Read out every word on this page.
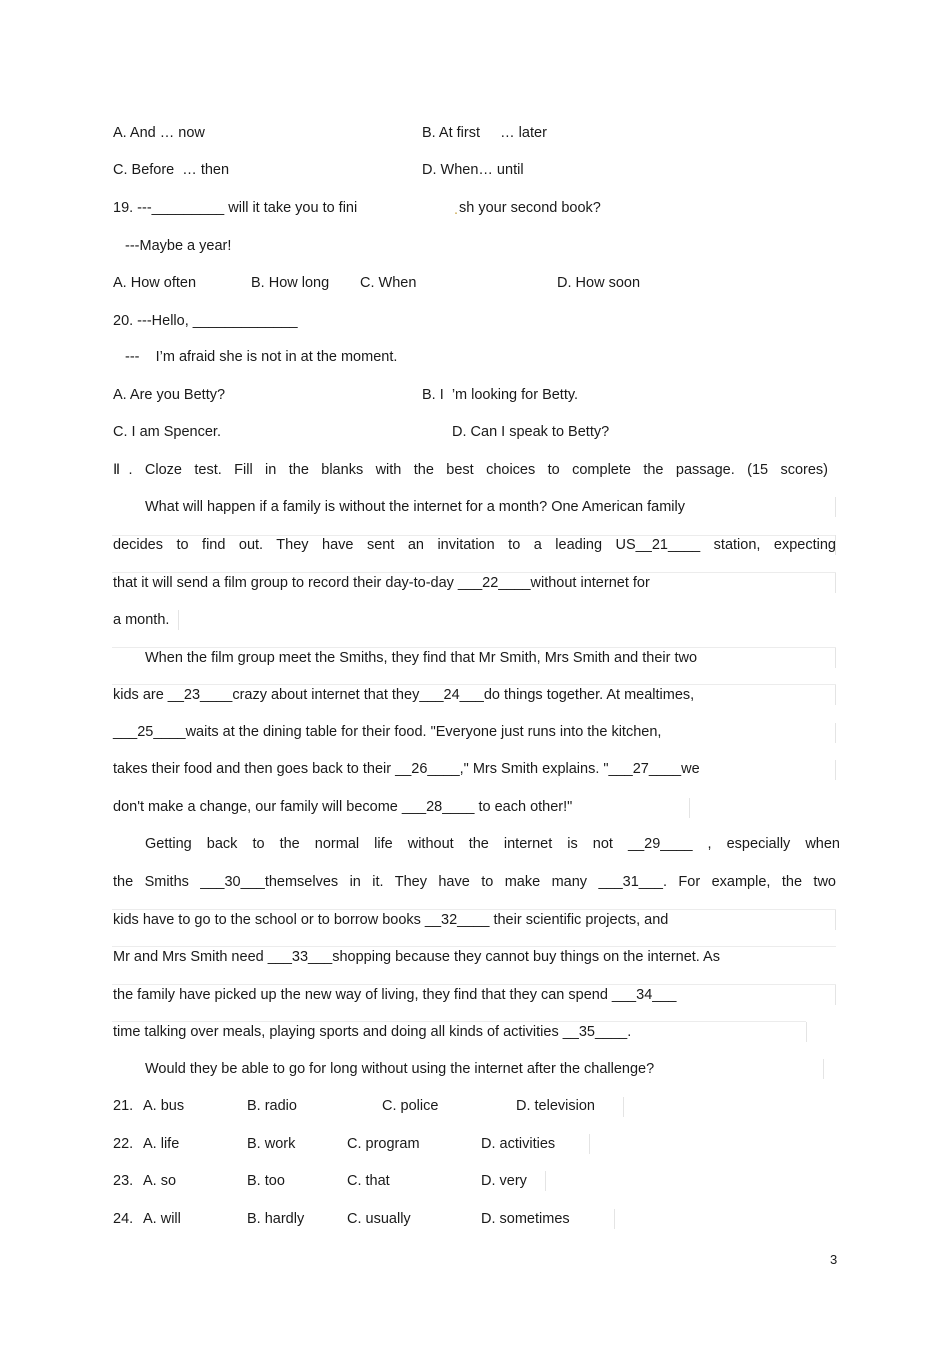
A. And … now	B. At first     … later
C. Before  … then	D. When… until
19. ---_________ will it take you to fini	. sh your second book?
---Maybe a year!
A. How often	B. How long C. When	D. How soon
20. ---Hello, _____________
---    I’m afraid she is not in at the moment.
A. Are you Betty?	B. I  ’m looking for Betty.
C. I am Spencer.	D. Can I speak to Betty?
Ⅱ. Cloze test. Fill in the blanks with the best choices to complete the passage. (15 scores)
What will happen if a family is without the internet for a month? One American family
decides to find out. They have sent an invitation to a leading US__21____ station, expecting
that it will send a film group to record their day-to-day ___22____without internet for
a month.
When the film group meet the Smiths, they find that Mr Smith, Mrs Smith and their two
kids are __23____crazy about internet that they___24___do things together. At mealtimes,
___25____waits at the dining table for their food. "Everyone just runs into the kitchen,
takes their food and then goes back to their __26____," Mrs Smith explains. "___27____we
don't make a change, our family will become ___28____ to each other!"
Getting back to the normal life without the internet is not __29____ , especially when
the Smiths ___30___themselves in it. They have to make many ___31___. For example, the two
kids have to go to the school or to borrow books __32____ their scientific projects, and
Mr and Mrs Smith need ___33___shopping because they cannot buy things on the internet. As
the family have picked up the new way of living, they find that they can spend ___34___
time talking over meals, playing sports and doing all kinds of activities __35____.
Would they be able to go for long without using the internet after the challenge?
21. A. bus	B. radio	C. police	D. television
22. A. life	B. work	C. program	D. activities
23. A. so	B. too	C. that	D. very
24. A. will	B. hardly	C. usually	D. sometimes
3
